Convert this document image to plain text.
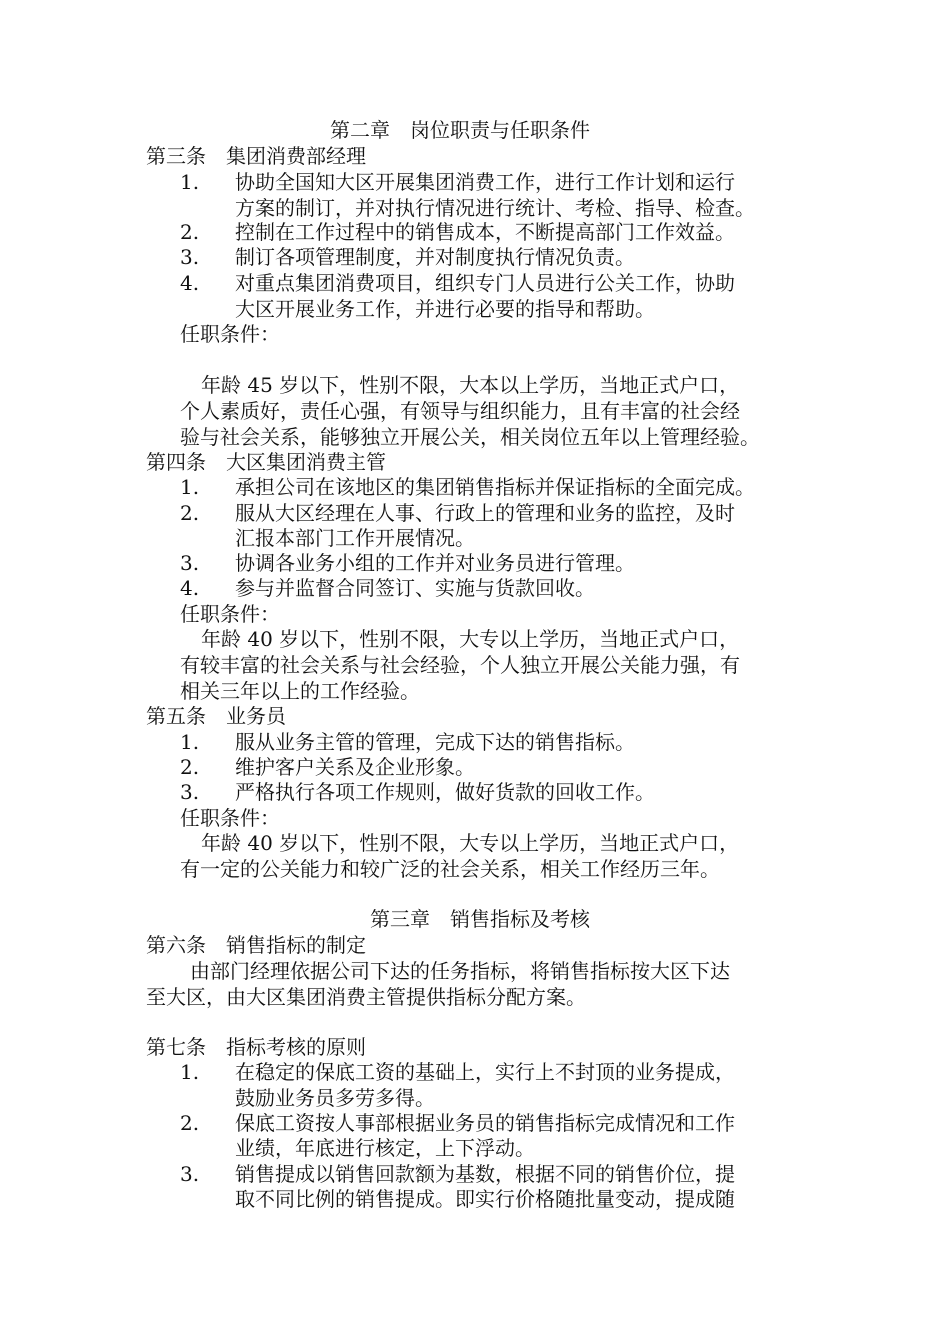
第二章　岗位职责与任职条件
第三条　集团消费部经理
1. 协助全国知大区开展集团消费工作，进行工作计划和运行
方案的制订，并对执行情况进行统计、考检、指导、检查。
2. 控制在工作过程中的销售成本，不断提高部门工作效益。
3. 制订各项管理制度，并对制度执行情况负责。
4. 对重点集团消费项目，组织专门人员进行公关工作，协助
大区开展业务工作，并进行必要的指导和帮助。
任职条件：
年龄 45 岁以下，性别不限，大本以上学历，当地正式户口，
个人素质好，责任心强，有领导与组织能力，且有丰富的社会经
验与社会关系，能够独立开展公关，相关岗位五年以上管理经验。
第四条　大区集团消费主管
1. 承担公司在该地区的集团销售指标并保证指标的全面完成。
2. 服从大区经理在人事、行政上的管理和业务的监控，及时
汇报本部门工作开展情况。
3. 协调各业务小组的工作并对业务员进行管理。
4. 参与并监督合同签订、实施与货款回收。
任职条件：
年龄 40 岁以下，性别不限，大专以上学历，当地正式户口，
有较丰富的社会关系与社会经验，个人独立开展公关能力强，有
相关三年以上的工作经验。
第五条　业务员
1. 服从业务主管的管理，完成下达的销售指标。
2. 维护客户关系及企业形象。
3. 严格执行各项工作规则，做好货款的回收工作。
任职条件：
年龄 40 岁以下，性别不限，大专以上学历，当地正式户口，
有一定的公关能力和较广泛的社会关系，相关工作经历三年。
第三章　销售指标及考核
第六条　销售指标的制定
由部门经理依据公司下达的任务指标，将销售指标按大区下达
至大区，由大区集团消费主管提供指标分配方案。
第七条　指标考核的原则
1. 在稳定的保底工资的基础上，实行上不封顶的业务提成，
鼓励业务员多劳多得。
2. 保底工资按人事部根据业务员的销售指标完成情况和工作
业绩，年底进行核定，上下浮动。
3. 销售提成以销售回款额为基数，根据不同的销售价位，提
取不同比例的销售提成。即实行价格随批量变动，提成随
